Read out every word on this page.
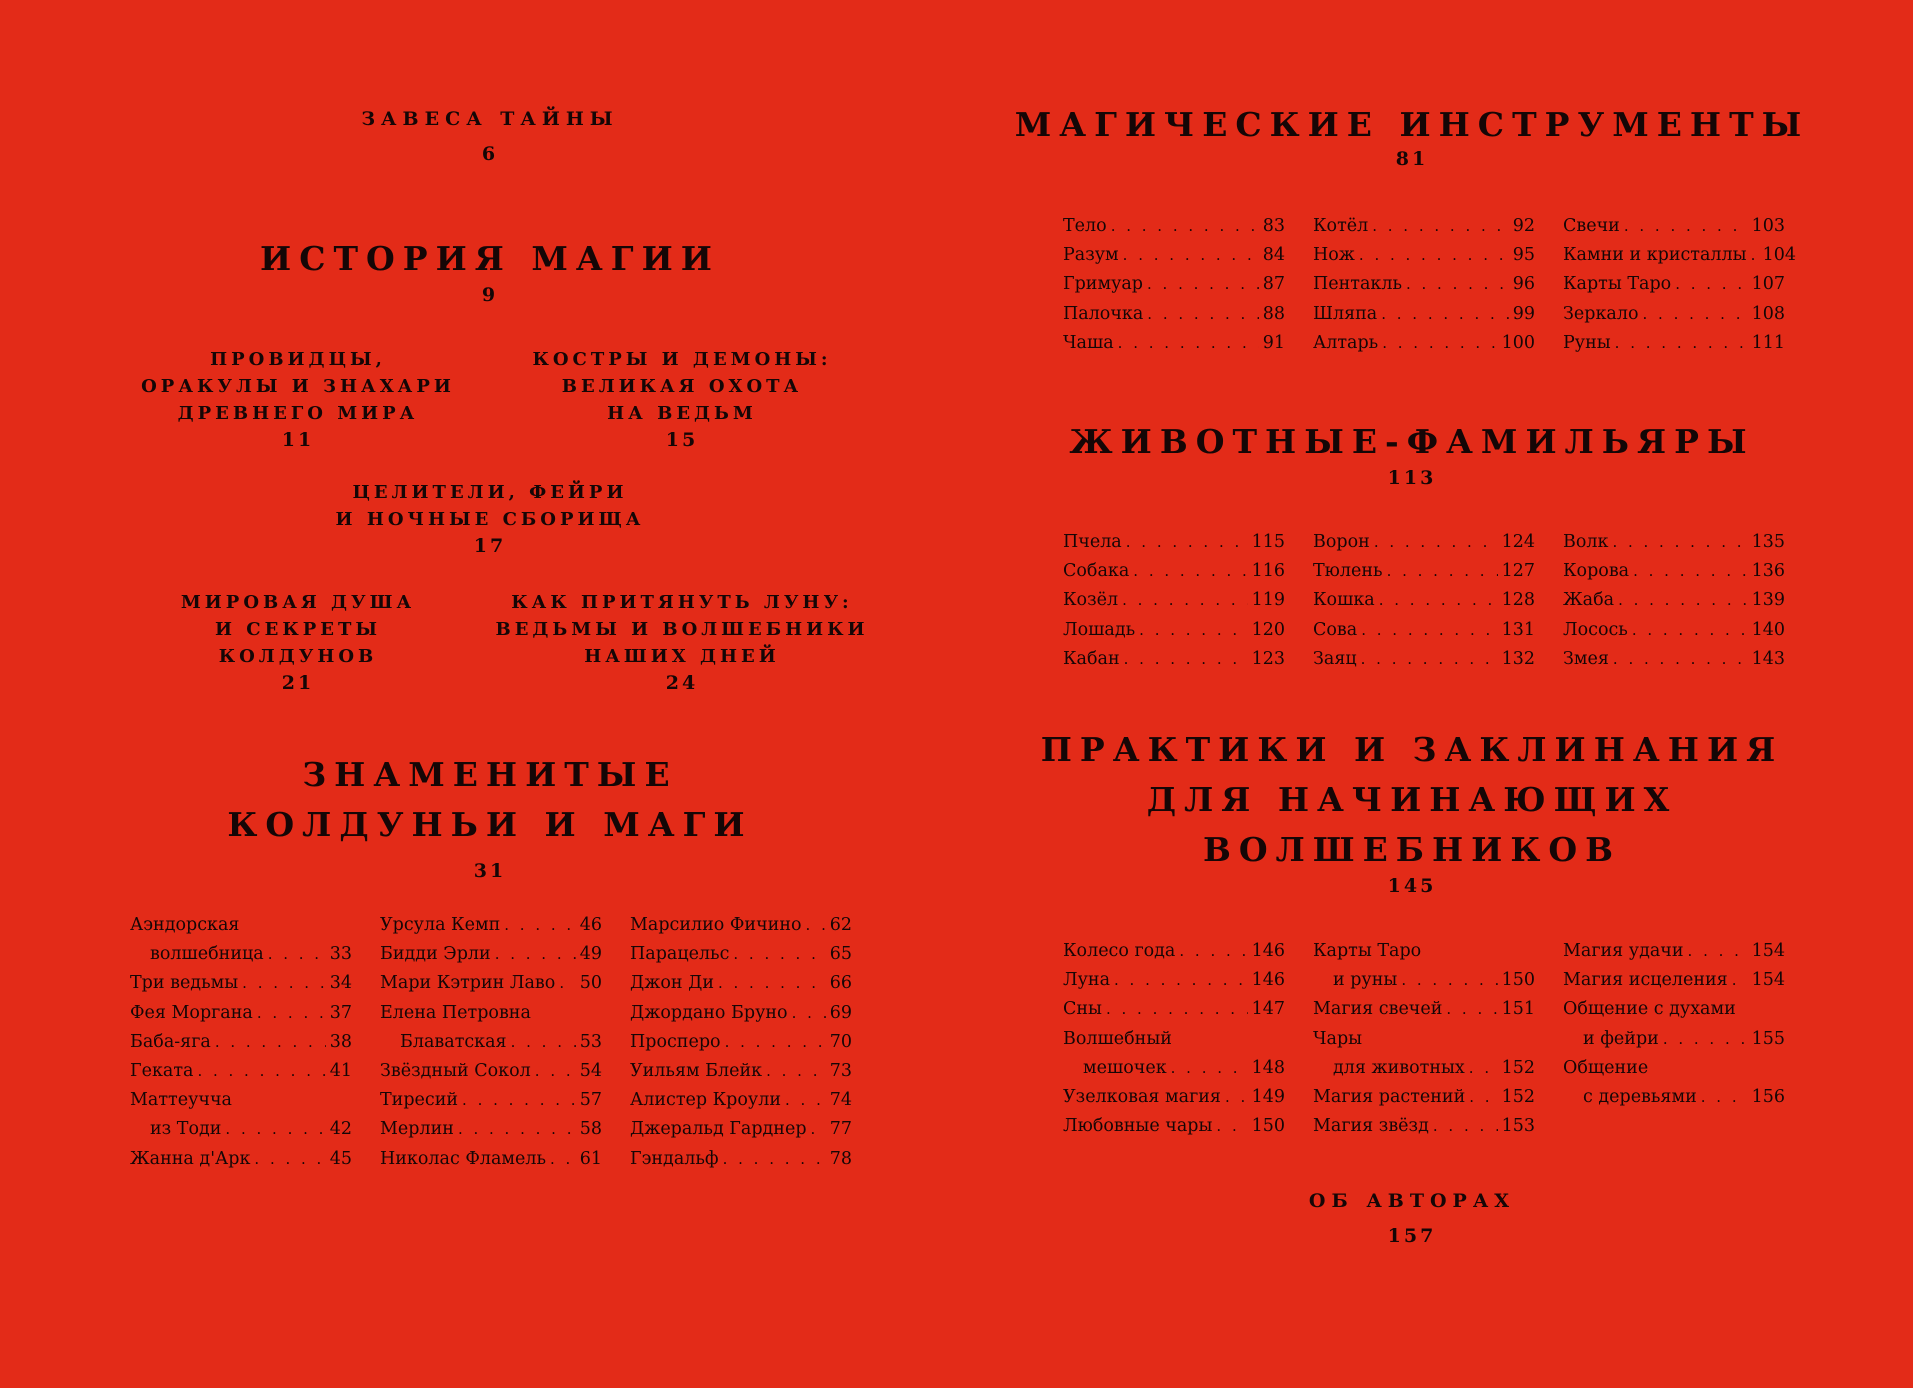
ЗАВЕСА ТАЙНЫ
6
ИСТОРИЯ МАГИИ
9
ПРОВИДЦЫ,
ОРАКУЛЫ И ЗНАХАРИ
ДРЕВНЕГО МИРА
11
КОСТРЫ И ДЕМОНЫ:
ВЕЛИКАЯ ОХОТА
НА ВЕДЬМ
15
ЦЕЛИТЕЛИ, ФЕЙРИ
И НОЧНЫЕ СБОРИЩА
17
МИРОВАЯ ДУША
И СЕКРЕТЫ
КОЛДУНОВ
21
КАК ПРИТЯНУТЬ ЛУНУ:
ВЕДЬМЫ И ВОЛШЕБНИКИ
НАШИХ ДНЕЙ
24
ЗНАМЕНИТЫЕ
КОЛДУНЬИ И МАГИ
31
Аэндорская
волшебница . . .	33
Три ведьмы . . .	34
Фея Моргана . . .	37
Баба-яга . . .	38
Геката . . .	41
Маттеучча
из Тоди . . .	42
Жанна д'Арк . . .	45
Урсула Кемп . . .	46
Бидди Эрли . . .	49
Мари Кэтрин Лаво . . . 50
Елена Петровна
Блаватская . . .	53
Звёздный Сокол . . .	54
Тиресий . . .	57
Мерлин . . .	58
Николас Фламель . . . 61
Марсилио Фичино . . . 62
Парацельс . . .	65
Джон Ди . . .	66
Джордано Бруно . . . 69
Просперо . . .	70
Уильям Блейк . . .	73
Алистер Кроули . . .	74
Джеральд Гарднер . . . 77
Гэндальф . . .	78
МАГИЧЕСКИЕ ИНСТРУМЕНТЫ
81
Тело . . .	83
Разум . . .	84
Гримуар . . .	87
Палочка . . .	88
Чаша . . .	91
Котёл . . .	92
Нож . . .	95
Пентакль . . .	96
Шляпа . . .	99
Алтарь . . .	100
Свечи . . .	103
Камни и кристаллы . . . 104
Карты Таро . . .	107
Зеркало . . .	108
Руны . . .	111
ЖИВОТНЫЕ-ФАМИЛЬЯРЫ
113
Пчела . . .	115
Собака . . .	116
Козёл . . .	119
Лошадь . . .	120
Кабан . . .	123
Ворон . . .	124
Тюлень . . .	127
Кошка . . .	128
Сова . . .	131
Заяц . . .	132
Волк . . .	135
Корова . . .	136
Жаба . . .	139
Лосось . . .	140
Змея . . .	143
ПРАКТИКИ И ЗАКЛИНАНИЯ
ДЛЯ НАЧИНАЮЩИХ
ВОЛШЕБНИКОВ
145
Колесо года . . .	146
Луна . . .	146
Сны . . .	147
Волшебный
мешочек . . .	148
Узелковая магия . . . 149
Любовные чары . . . 150
Карты Таро
и руны . . .	150
Магия свечей . . .	151
Чары
для животных . . . 152
Магия растений . . . 152
Магия звёзд . . .	153
Магия удачи . . .	154
Магия исцеления . . . 154
Общение с духами
и фейри . . .	155
Общение
с деревьями . . .	156
ОБ АВТОРАХ
157
